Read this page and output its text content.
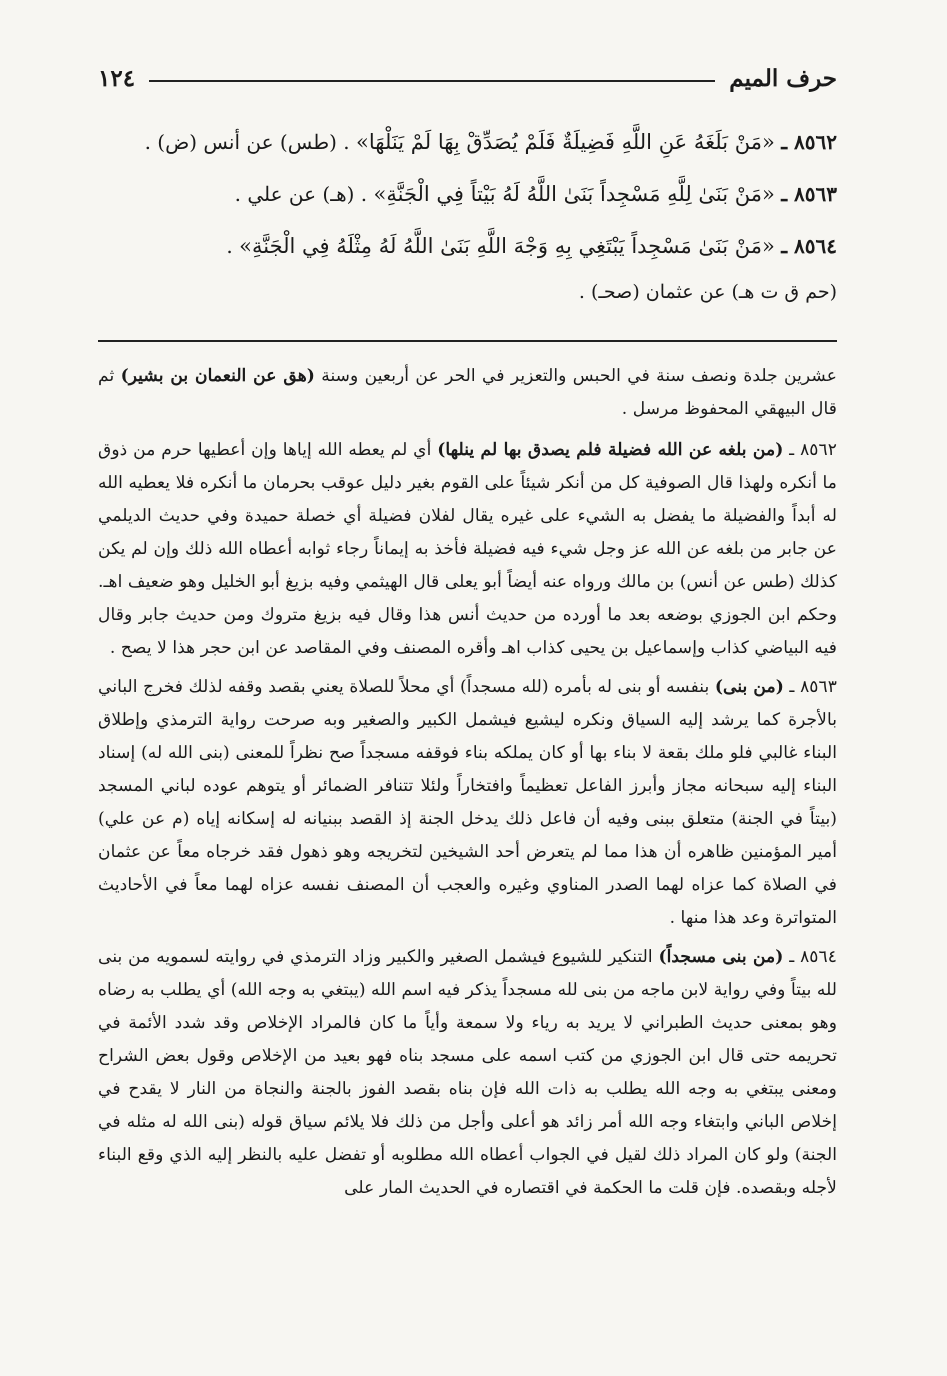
حرف الميم
١٢٤

٨٥٦٢ ـ «مَنْ بَلَغَهُ عَنِ اللَّهِ فَضِيلَةٌ فَلَمْ يُصَدِّقْ بِهَا لَمْ يَنَلْهَا» . (طس) عن أنس (ض) .

٨٥٦٣ ـ «مَنْ بَنَىٰ لِلَّهِ مَسْجِداً بَنَىٰ اللَّهُ لَهُ بَيْتاً فِي الْجَنَّةِ» . (هـ) عن علي .

٨٥٦٤ ـ «مَنْ بَنَىٰ مَسْجِداً يَبْتَغِي بِهِ وَجْهَ اللَّهِ بَنَىٰ اللَّهُ لَهُ مِثْلَهُ فِي الْجَنَّةِ» .

(حم ق ت هـ) عن عثمان (صحـ) .

عشرين جلدة ونصف سنة في الحبس والتعزير في الحر عن أربعين وسنة (هق عن النعمان بن بشير) ثم قال البيهقي المحفوظ مرسل .

٨٥٦٢ ـ (من بلغه عن الله فضيلة فلم يصدق بها لم ينلها) أي لم يعطه الله إياها وإن أعطيها حرم من ذوق ما أنكره ولهذا قال الصوفية كل من أنكر شيئاً على القوم بغير دليل عوقب بحرمان ما أنكره فلا يعطيه الله له أبداً والفضيلة ما يفضل به الشيء على غيره يقال لفلان فضيلة أي خصلة حميدة وفي حديث الديلمي عن جابر من بلغه عن الله عز وجل شيء فيه فضيلة فأخذ به إيماناً رجاء ثوابه أعطاه الله ذلك وإن لم يكن كذلك (طس عن أنس) بن مالك ورواه عنه أيضاً أبو يعلى قال الهيثمي وفيه بزيغ أبو الخليل وهو ضعيف اهـ. وحكم ابن الجوزي بوضعه بعد ما أورده من حديث أنس هذا وقال فيه بزيغ متروك ومن حديث جابر وقال فيه البياضي كذاب وإسماعيل بن يحيى كذاب اهـ وأقره المصنف وفي المقاصد عن ابن حجر هذا لا يصح .

٨٥٦٣ ـ (من بنى) بنفسه أو بنى له بأمره (لله مسجداً) أي محلاً للصلاة يعني بقصد وقفه لذلك فخرج الباني بالأجرة كما يرشد إليه السياق ونكره ليشيع فيشمل الكبير والصغير وبه صرحت رواية الترمذي وإطلاق البناء غالبي فلو ملك بقعة لا بناء بها أو كان يملكه بناء فوقفه مسجداً صح نظراً للمعنى (بنى الله له) إسناد البناء إليه سبحانه مجاز وأبرز الفاعل تعظيماً وافتخاراً ولئلا تتنافر الضمائر أو يتوهم عوده لباني المسجد (بيتاً في الجنة) متعلق ببنى وفيه أن فاعل ذلك يدخل الجنة إذ القصد ببنيانه له إسكانه إياه (م عن علي) أمير المؤمنين ظاهره أن هذا مما لم يتعرض أحد الشيخين لتخريجه وهو ذهول فقد خرجاه معاً عن عثمان في الصلاة كما عزاه لهما الصدر المناوي وغيره والعجب أن المصنف نفسه عزاه لهما معاً في الأحاديث المتواترة وعد هذا منها .

٨٥٦٤ ـ (من بنى مسجداً) التنكير للشيوع فيشمل الصغير والكبير وزاد الترمذي في روايته لسمويه من بنى لله بيتاً وفي رواية لابن ماجه من بنى لله مسجداً يذكر فيه اسم الله (يبتغي به وجه الله) أي يطلب به رضاه وهو بمعنى حديث الطبراني لا يريد به رياء ولا سمعة وأياً ما كان فالمراد الإخلاص وقد شدد الأئمة في تحريمه حتى قال ابن الجوزي من كتب اسمه على مسجد بناه فهو بعيد من الإخلاص وقول بعض الشراح ومعنى يبتغي به وجه الله يطلب به ذات الله فإن بناه بقصد الفوز بالجنة والنجاة من النار لا يقدح في إخلاص الباني وابتغاء وجه الله أمر زائد هو أعلى وأجل من ذلك فلا يلائم سياق قوله (بنى الله له مثله في الجنة) ولو كان المراد ذلك لقيل في الجواب أعطاه الله مطلوبه أو تفضل عليه بالنظر إليه الذي وقع البناء لأجله وبقصده. فإن قلت ما الحكمة في اقتصاره في الحديث المار على
